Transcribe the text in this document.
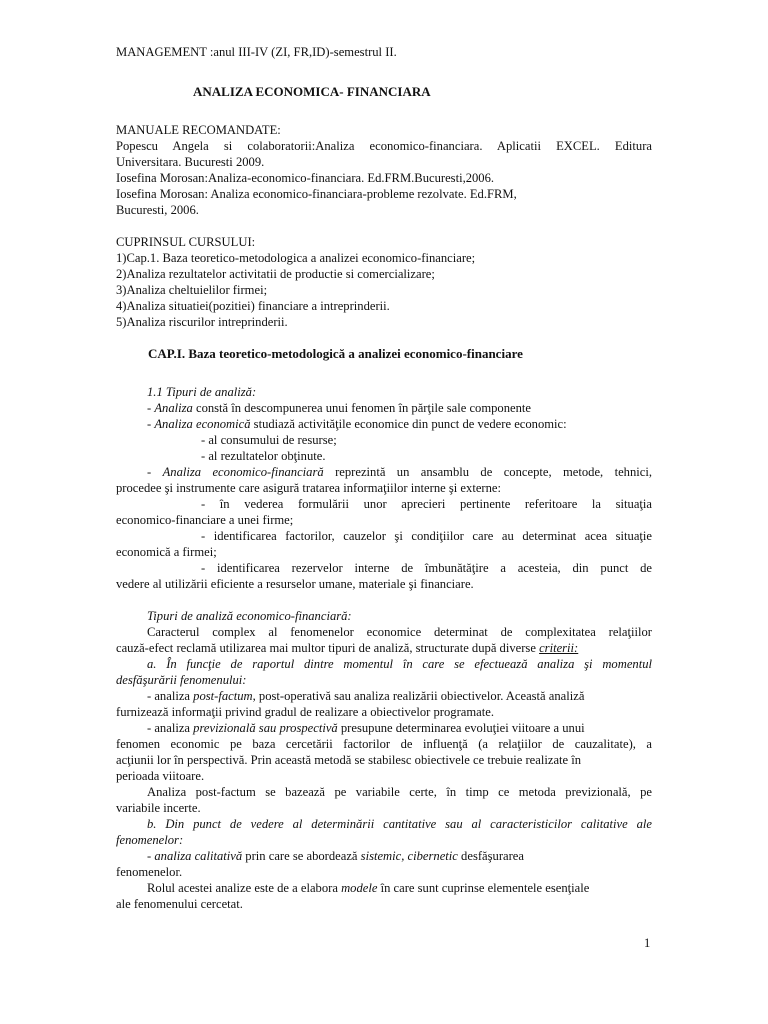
MANAGEMENT :anul III-IV (ZI, FR,ID)-semestrul II.
ANALIZA ECONOMICA- FINANCIARA
MANUALE RECOMANDATE:
Popescu Angela si colaboratorii:Analiza economico-financiara. Aplicatii EXCEL. Editura
Universitara. Bucuresti 2009.
Iosefina Morosan:Analiza-economico-financiara. Ed.FRM.Bucuresti,2006.
Iosefina Morosan: Analiza economico-financiara-probleme rezolvate. Ed.FRM,
Bucuresti, 2006.
CUPRINSUL CURSULUI:
1)Cap.1. Baza teoretico-metodologica a analizei economico-financiare;
2)Analiza rezultatelor activitatii de productie si comercializare;
3)Analiza cheltuielilor firmei;
4)Analiza situatiei(pozitiei) financiare a intreprinderii.
5)Analiza riscurilor intreprinderii.
CAP.I. Baza teoretico-metodologică a analizei economico-financiare
1.1 Tipuri de analiză:
- Analiza constă în descompunerea unui fenomen în părţile sale componente
- Analiza economică studiază activităţile economice din punct de vedere economic:
- al consumului de resurse;
- al rezultatelor obţinute.
- Analiza economico-financiară reprezintă un ansamblu de concepte, metode, tehnici,
procedee şi instrumente care asigură tratarea informaţiilor interne şi externe:
- în vederea formulării unor aprecieri pertinente referitoare la situaţia
economico-financiare a unei firme;
- identificarea factorilor, cauzelor şi condiţiilor care au determinat acea situaţie
economică a firmei;
- identificarea rezervelor interne de îmbunătăţire a acesteia, din punct de
vedere al utilizării eficiente a resurselor umane, materiale şi financiare.
Tipuri de analiză economico-financiară:
Caracterul complex al fenomenelor economice determinat de complexitatea relaţiilor
cauză-efect reclamă utilizarea mai multor tipuri de analiză, structurate după diverse criterii:
a. În funcţie de raportul dintre momentul în care se efectuează analiza şi momentul
desfăşurării fenomenului:
- analiza post-factum, post-operativă sau analiza realizării obiectivelor. Această analiză
furnizează informaţii privind gradul de realizare a obiectivelor programate.
- analiza previzională sau prospectivă presupune determinarea evoluţiei viitoare a unui
fenomen economic pe baza cercetării factorilor de influenţă (a relaţiilor de cauzalitate), a
acţiunii lor în perspectivă. Prin această metodă se stabilesc obiectivele ce trebuie realizate în
perioada viitoare.
Analiza post-factum se bazează pe variabile certe, în timp ce metoda previzională, pe
variabile incerte.
b. Din punct de vedere al determinării cantitative sau al caracteristicilor calitative ale
fenomenelor:
- analiza calitativă prin care se abordează sistemic, cibernetic desfăşurarea
fenomenelor.
Rolul acestei analize este de a elabora modele în care sunt cuprinse elementele esenţiale
ale fenomenului cercetat.
1
